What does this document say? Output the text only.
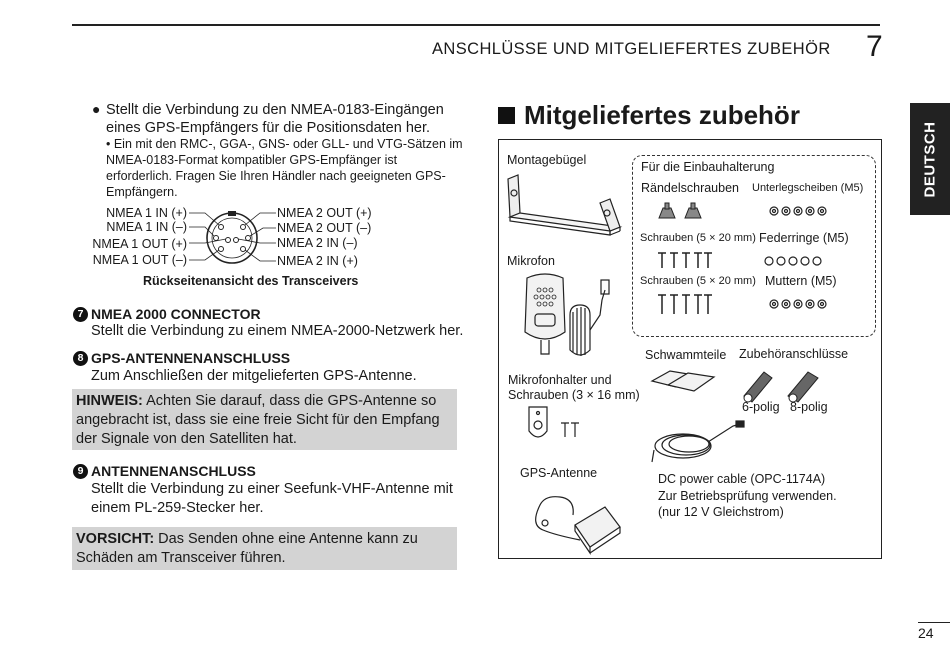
ANSCHLÜSSE UND MITGELIEFERTES ZUBEHÖR 7
DEUTSCH
● Stellt die Verbindung zu den NMEA-0183-Eingängen eines GPS-Empfängers für die Positionsdaten her.
• Ein mit den RMC-, GGA-, GNS- oder GLL- und VTG-Sätzen im NMEA-0183-Format kompatibler GPS-Empfänger ist erforderlich. Fragen Sie Ihren Händler nach geeigneten GPS-Empfängern.
NMEA 1 IN (+)
NMEA 1 IN (–)
NMEA 1 OUT (+)
NMEA 1 OUT (–)
NMEA 2 OUT (+)
NMEA 2 OUT (–)
NMEA 2 IN (–)
NMEA 2 IN (+)
Rückseitenansicht des Transceivers
7 NMEA 2000 CONNECTOR
Stellt die Verbindung zu einem NMEA-2000-Netzwerk her.
8 GPS-ANTENNENANSCHLUSS
Zum Anschließen der mitgelieferten GPS-Antenne.
HINWEIS: Achten Sie darauf, dass die GPS-Antenne so angebracht ist, dass sie eine freie Sicht für den Empfang der Signale von den Satelliten hat.
9 ANTENNENANSCHLUSS
Stellt die Verbindung zu einer Seefunk-VHF-Antenne mit einem PL-259-Stecker her.
VORSICHT: Das Senden ohne eine Antenne kann zu Schäden am Transceiver führen.
Mitgeliefertes zubehör
Montagebügel
Mikrofon
Mikrofonhalter und Schrauben (3 × 16 mm)
GPS-Antenne
Für die Einbauhalterung
Rändelschrauben Unterlegscheiben (M5)
Schrauben (5 × 20 mm) Federringe (M5)
Schrauben (5 × 20 mm) Muttern (M5)
Schwammteile Zubehöranschlüsse
6-polig 8-polig
DC power cable (OPC-1174A)
Zur Betriebsprüfung verwenden.
(nur 12 V Gleichstrom)
24
